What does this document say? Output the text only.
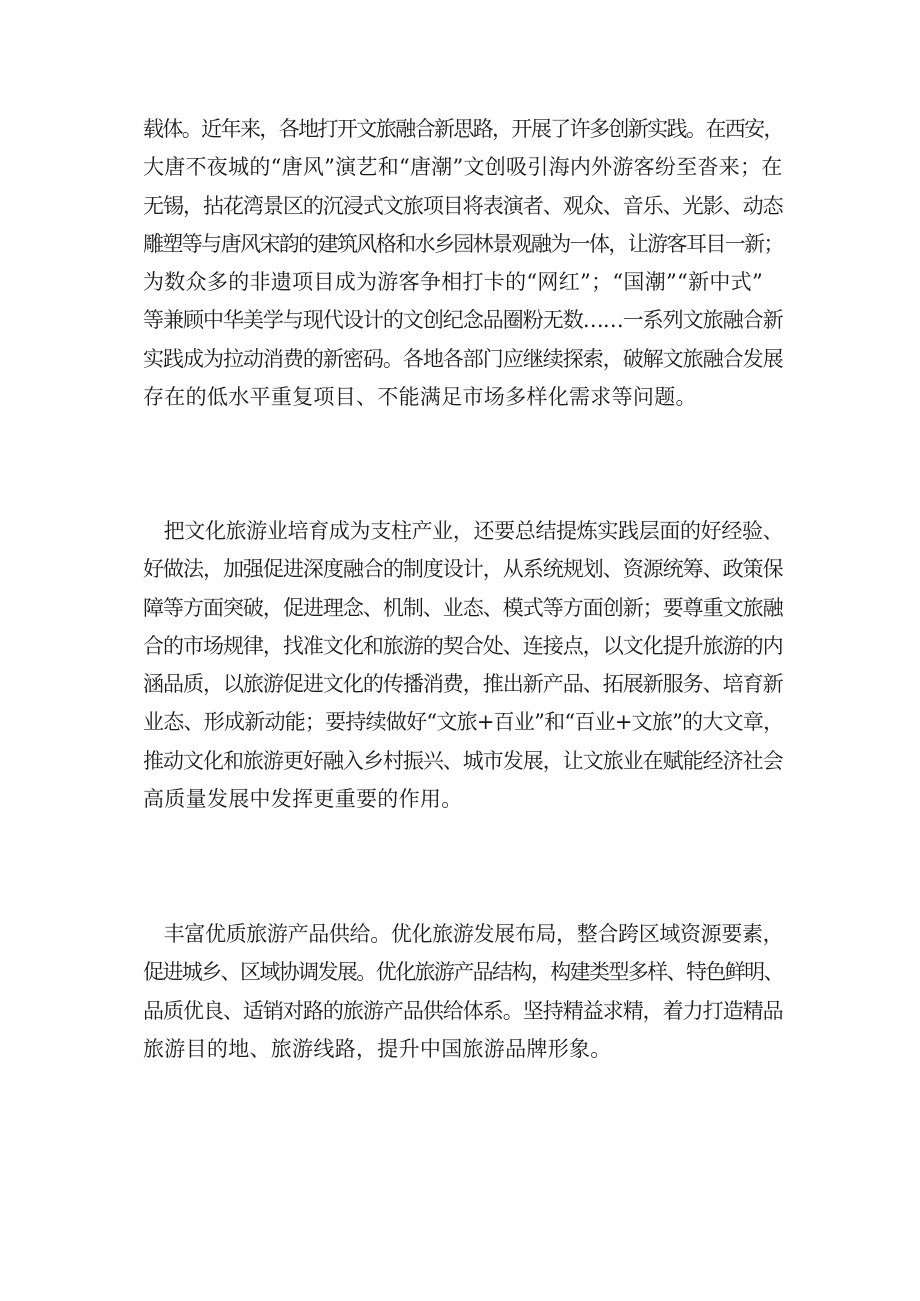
载体。近年来，各地打开文旅融合新思路，开展了许多创新实践。在西安，
大唐不夜城的“唐风”演艺和“唐潮”文创吸引海内外游客纷至沓来；在
无锡，拈花湾景区的沉浸式文旅项目将表演者、观众、音乐、光影、动态
雕塑等与唐风宋韵的建筑风格和水乡园林景观融为一体，让游客耳目一新；
为数众多的非遗项目成为游客争相打卡的“网红”；“国潮”“新中式”
等兼顾中华美学与现代设计的文创纪念品圈粉无数……一系列文旅融合新
实践成为拉动消费的新密码。各地各部门应继续探索，破解文旅融合发展
存在的低水平重复项目、不能满足市场多样化需求等问题。
　把文化旅游业培育成为支柱产业，还要总结提炼实践层面的好经验、
好做法，加强促进深度融合的制度设计，从系统规划、资源统筹、政策保
障等方面突破，促进理念、机制、业态、模式等方面创新；要尊重文旅融
合的市场规律，找准文化和旅游的契合处、连接点，以文化提升旅游的内
涵品质，以旅游促进文化的传播消费，推出新产品、拓展新服务、培育新
业态、形成新动能；要持续做好“文旅+百业”和“百业+文旅”的大文章，
推动文化和旅游更好融入乡村振兴、城市发展，让文旅业在赋能经济社会
高质量发展中发挥更重要的作用。
　丰富优质旅游产品供给。优化旅游发展布局，整合跨区域资源要素，
促进城乡、区域协调发展。优化旅游产品结构，构建类型多样、特色鲜明、
品质优良、适销对路的旅游产品供给体系。坚持精益求精，着力打造精品
旅游目的地、旅游线路，提升中国旅游品牌形象。
